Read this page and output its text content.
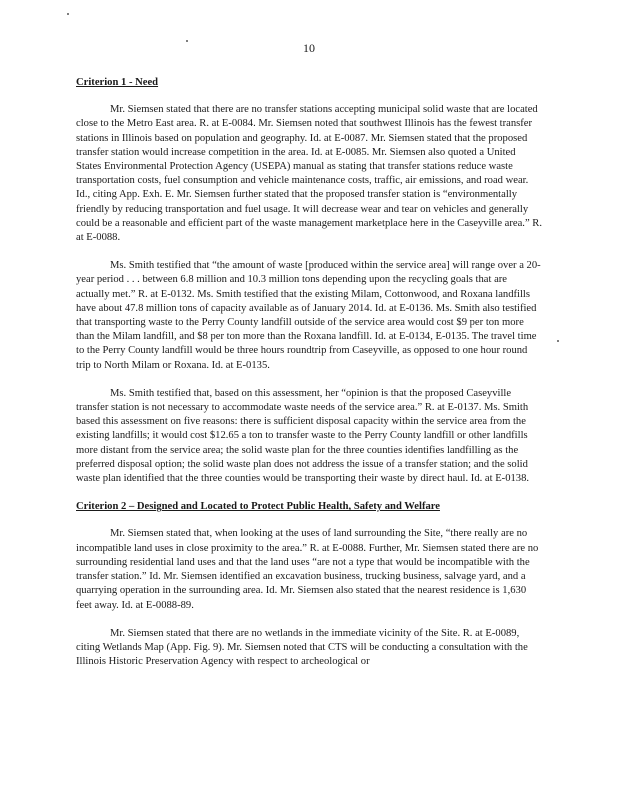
10
Criterion 1 - Need

Mr. Siemsen stated that there are no transfer stations accepting municipal solid waste that are located close to the Metro East area. R. at E-0084. Mr. Siemsen noted that southwest Illinois has the fewest transfer stations in Illinois based on population and geography. Id. at E-0087. Mr. Siemsen stated that the proposed transfer station would increase competition in the area. Id. at E-0085. Mr. Siemsen also quoted a United States Environmental Protection Agency (USEPA) manual as stating that transfer stations reduce waste transportation costs, fuel consumption and vehicle maintenance costs, traffic, air emissions, and road wear. Id., citing App. Exh. E. Mr. Siemsen further stated that the proposed transfer station is “environmentally friendly by reducing transportation and fuel usage. It will decrease wear and tear on vehicles and generally could be a reasonable and efficient part of the waste management marketplace here in the Caseyville area.” R. at E-0088.

Ms. Smith testified that “the amount of waste [produced within the service area] will range over a 20-year period . . . between 6.8 million and 10.3 million tons depending upon the recycling goals that are actually met.” R. at E-0132. Ms. Smith testified that the existing Milam, Cottonwood, and Roxana landfills have about 47.8 million tons of capacity available as of January 2014. Id. at E-0136. Ms. Smith also testified that transporting waste to the Perry County landfill outside of the service area would cost $9 per ton more than the Milam landfill, and $8 per ton more than the Roxana landfill. Id. at E-0134, E-0135. The travel time to the Perry County landfill would be three hours roundtrip from Caseyville, as opposed to one hour round trip to North Milam or Roxana. Id. at E-0135.

Ms. Smith testified that, based on this assessment, her “opinion is that the proposed Caseyville transfer station is not necessary to accommodate waste needs of the service area.” R. at E-0137. Ms. Smith based this assessment on five reasons: there is sufficient disposal capacity within the service area from the existing landfills; it would cost $12.65 a ton to transfer waste to the Perry County landfill or other landfills more distant from the service area; the solid waste plan for the three counties identifies landfilling as the preferred disposal option; the solid waste plan does not address the issue of a transfer station; and the solid waste plan identified that the three counties would be transporting their waste by direct haul. Id. at E-0138.

Criterion 2 – Designed and Located to Protect Public Health, Safety and Welfare

Mr. Siemsen stated that, when looking at the uses of land surrounding the Site, “there really are no incompatible land uses in close proximity to the area.” R. at E-0088. Further, Mr. Siemsen stated there are no surrounding residential land uses and that the land uses “are not a type that would be incompatible with the transfer station.” Id. Mr. Siemsen identified an excavation business, trucking business, salvage yard, and a quarrying operation in the surrounding area. Id. Mr. Siemsen also stated that the nearest residence is 1,630 feet away. Id. at E-0088-89.

Mr. Siemsen stated that there are no wetlands in the immediate vicinity of the Site. R. at E-0089, citing Wetlands Map (App. Fig. 9). Mr. Siemsen noted that CTS will be conducting a consultation with the Illinois Historic Preservation Agency with respect to archeological or
